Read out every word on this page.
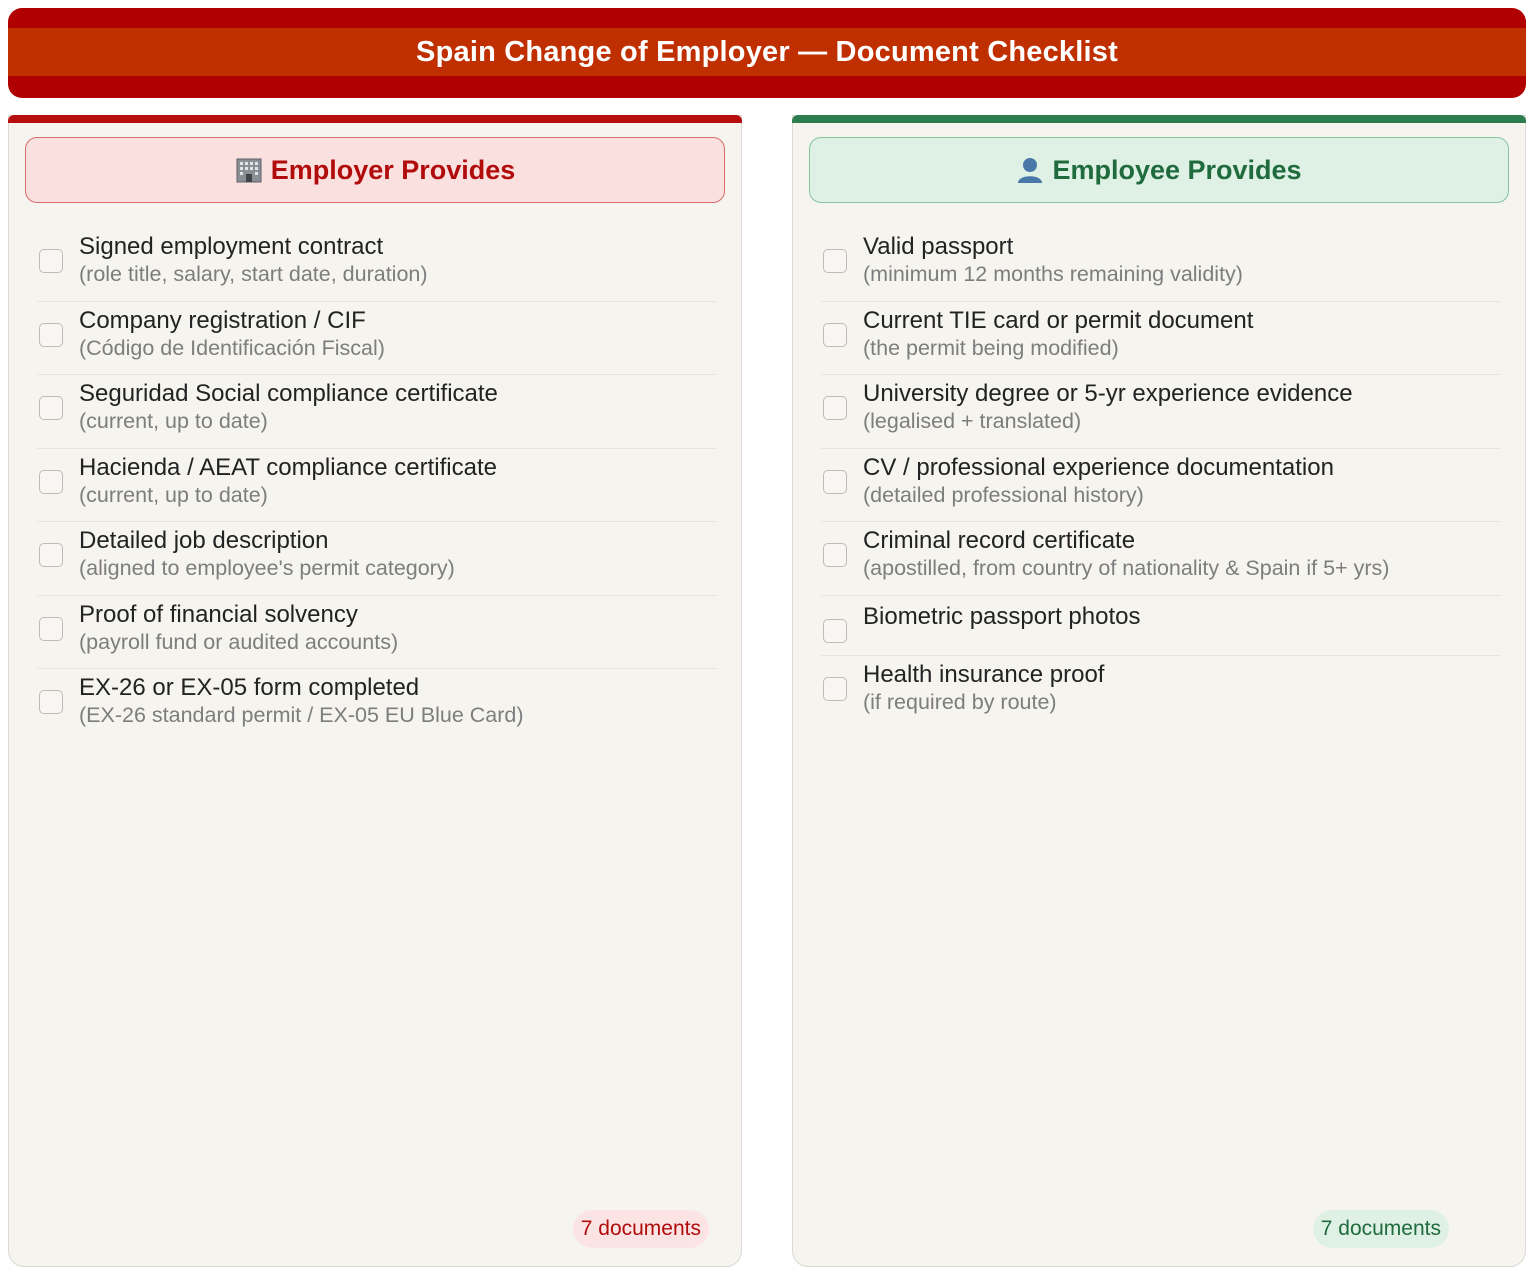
Spain Change of Employer — Document Checklist
Employer Provides
Signed employment contract
(role title, salary, start date, duration)
Company registration / CIF
(Código de Identificación Fiscal)
Seguridad Social compliance certificate
(current, up to date)
Hacienda / AEAT compliance certificate
(current, up to date)
Detailed job description
(aligned to employee's permit category)
Proof of financial solvency
(payroll fund or audited accounts)
EX-26 or EX-05 form completed
(EX-26 standard permit / EX-05 EU Blue Card)
7 documents
Employee Provides
Valid passport
(minimum 12 months remaining validity)
Current TIE card or permit document
(the permit being modified)
University degree or 5-yr experience evidence
(legalised + translated)
CV / professional experience documentation
(detailed professional history)
Criminal record certificate
(apostilled, from country of nationality & Spain if 5+ yrs)
Biometric passport photos
Health insurance proof
(if required by route)
7 documents
